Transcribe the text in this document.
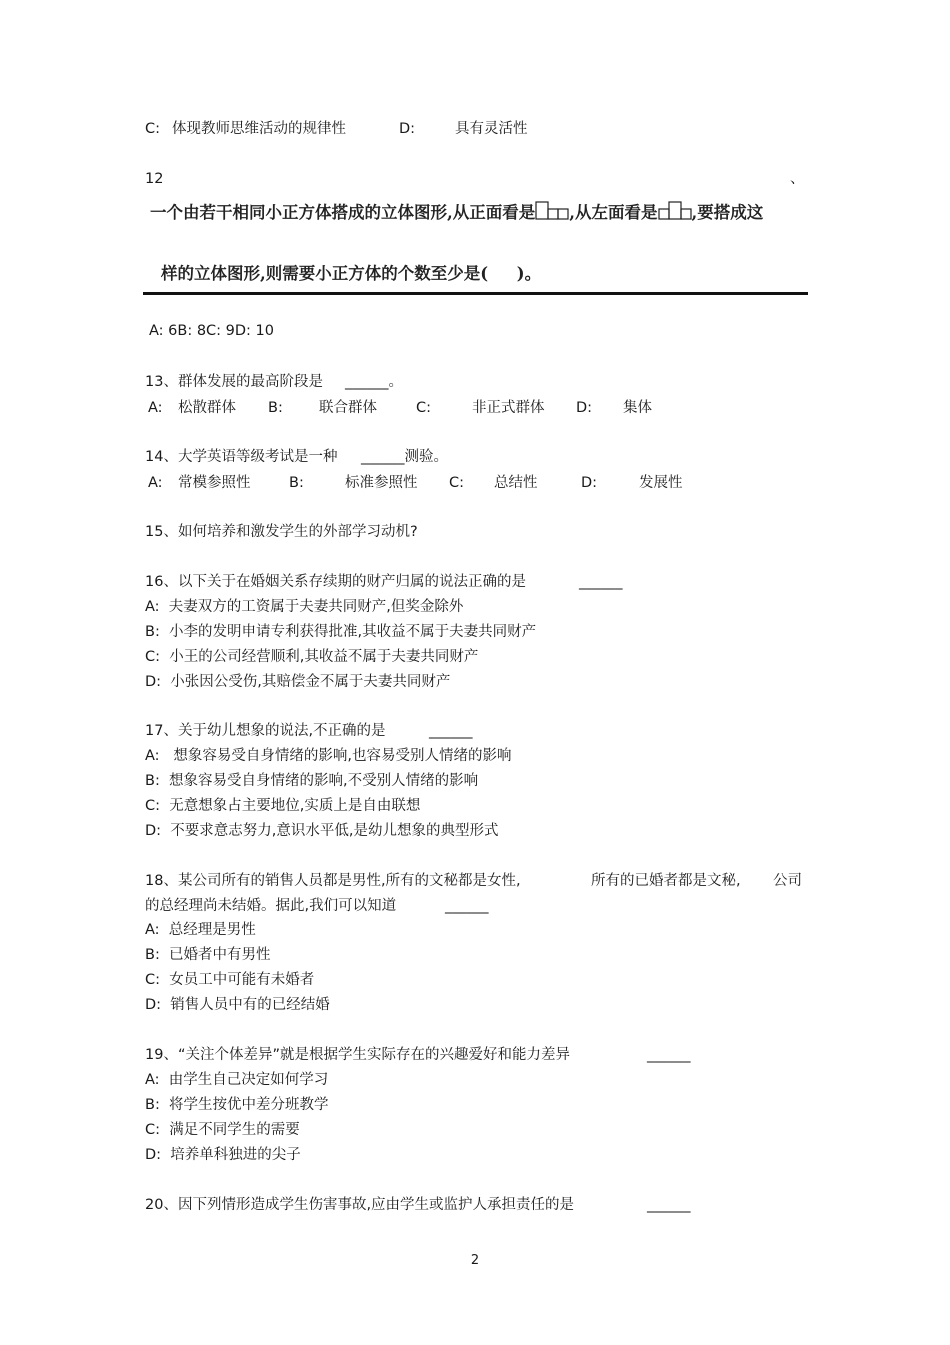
C: 体现教师思维活动的规律性	D:	具有灵活性
12	、
一个由若干相同小正方体搭成的立体图形,从正面看是 ,从左面看是 ,要搭成这
样的立体图形,则需要小正方体的个数至少是(     )。
A: 6B: 8C: 9D: 10
13、群体发展的最高阶段是 ______。
A: 松散群体 B: 联合群体	C:	非正式群体 D: 集体
14、大学英语等级考试是一种 ______测验。
A: 常模参照性	B:	标准参照性 C: 总结性	D:	发展性
15、如何培养和激发学生的外部学习动机?
16、以下关于在婚姻关系存续期的财产归属的说法正确的是	______
A:  夫妻双方的工资属于夫妻共同财产,但奖金除外
B:  小李的发明申请专利获得批准,其收益不属于夫妻共同财产
C:  小王的公司经营顺利,其收益不属于夫妻共同财产
D:  小张因公受伤,其赔偿金不属于夫妻共同财产
17、关于幼儿想象的说法,不正确的是	______
A:   想象容易受自身情绪的影响,也容易受别人情绪的影响
B:  想象容易受自身情绪的影响,不受别人情绪的影响
C:  无意想象占主要地位,实质上是自由联想
D:  不要求意志努力,意识水平低,是幼儿想象的典型形式
18、某公司所有的销售人员都是男性,所有的文秘都是女性,	所有的已婚者都是文秘, 公司
的总经理尚未结婚。据此,我们可以知道	______
A:  总经理是男性
B:  已婚者中有男性
C:  女员工中可能有未婚者
D:  销售人员中有的已经结婚
19、“关注个体差异”就是根据学生实际存在的兴趣爱好和能力差异	______
A:  由学生自己决定如何学习
B:  将学生按优中差分班教学
C:  满足不同学生的需要
D:  培养单科独进的尖子
20、因下列情形造成学生伤害事故,应由学生或监护人承担责任的是	______
2
